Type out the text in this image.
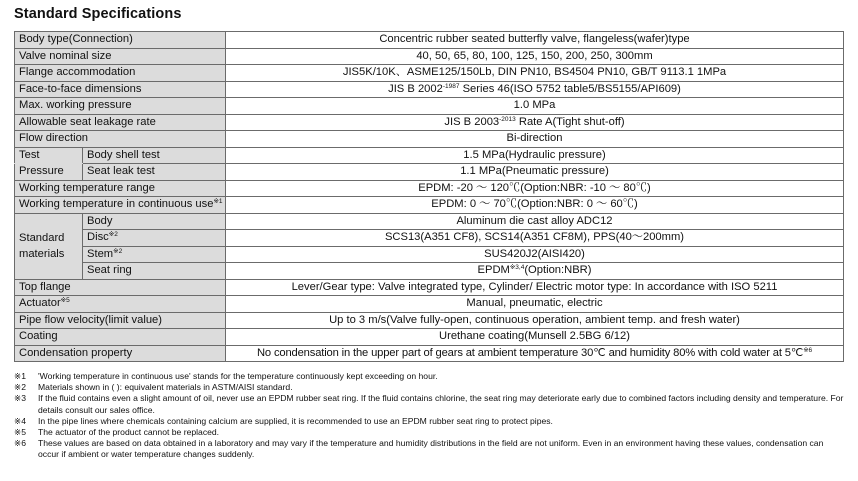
Standard Specifications
Body type(Connection)		Concentric rubber seated butterfly valve, flangeless(wafer)type
Valve nominal size		40, 50, 65, 80, 100, 125, 150, 200, 250, 300mm
Flange accommodation		JIS5K/10K、ASME125/150Lb, DIN PN10, BS4504 PN10, GB/T 9113.1 1MPa
Face-to-face dimensions		JIS B $2002^{-1987}$ Series 46(ISO 5752 table5/BS5155/API609)
Max. working pressure		1.0 MPa
Allowable seat leakage rate		JIS B $2003^{-2013}$ Rate A(Tight shut-off)
Flow direction		Bi-direction
Test	Body shell test	1.5 MPa(Hydraulic pressure)
Pressure	Seat leak test	1.1 MPa(Pneumatic pressure)
Working temperature range		EPDM: -20 ～ 120℃(Option:NBR: -10 ～ 80℃)
Working temperature in continuous use$^{※1}$		EPDM: 0 ～ 70℃(Option:NBR: 0 ～ 60℃)
Standard
materials	Body	Aluminum die cast alloy ADC12
	Disc$^{※2}$	SCS13(A351 CF8), SCS14(A351 CF8M), PPS(40～200mm)
	Stem$^{※2}$	SUS420J2(AISI420)
	Seat ring	EPDM$^{※3,4}$(Option:NBR)
Top flange		Lever/Gear type: Valve integrated type, Cylinder/ Electric motor type: In accordance with ISO 5211
Actuator$^{※5}$		Manual, pneumatic, electric
Pipe flow velocity(limit value)		Up to 3 m/s(Valve fully-open, continuous operation, ambient temp. and fresh water)
Coating		Urethane coating(Munsell 2.5BG 6/12)
Condensation property		No condensation in the upper part of gears at ambient temperature 30℃ and humidity 80% with cold water at 5℃$^{※6}$
※1	'Working temperature in continuous use' stands for the temperature continuously kept exceeding on hour.
※2	Materials shown in ( ): equivalent materials in ASTM/AISI standard.
※3	If the fluid contains even a slight amount of oil, never use an EPDM rubber seat ring. If the fluid contains chlorine, the seat ring may deteriorate early due to combined factors including density and temperature. For details consult our sales office.
※4	In the pipe lines where chemicals containing calcium are supplied, it is recommended to use an EPDM rubber seat ring to protect pipes.
※5	The actuator of the product cannot be replaced.
※6	These values are based on data obtained in a laboratory and may vary if the temperature and humidity distributions in the field are not uniform. Even in an environment having these values, condensation can occur if ambient or water temperature changes suddenly.
